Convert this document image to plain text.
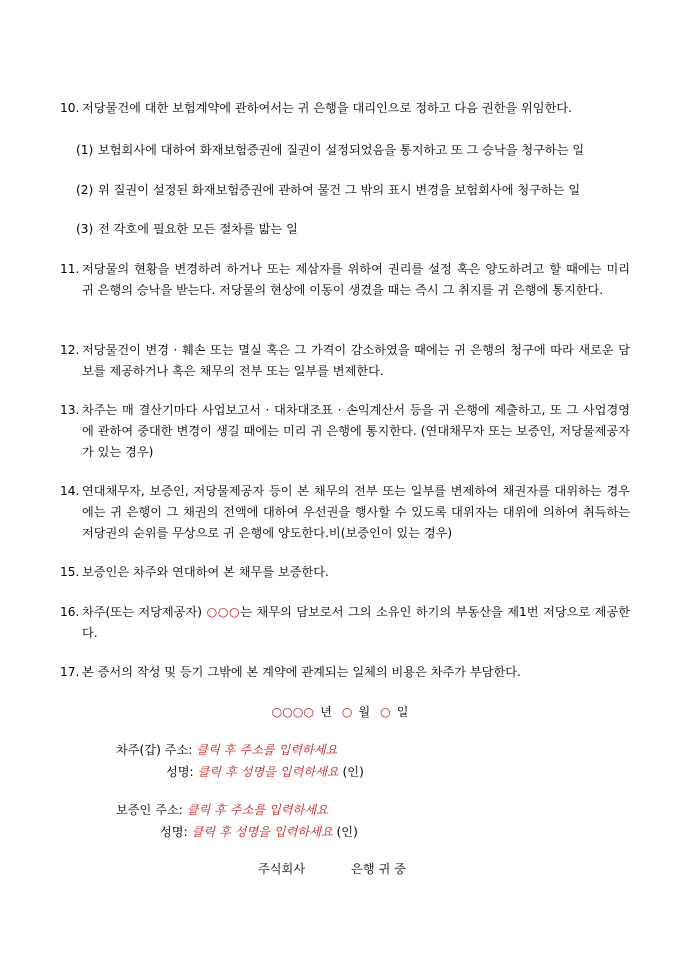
10. 저당물건에 대한 보험계약에 관하여서는 귀 은행을 대리인으로 정하고 다음 권한을 위임한다.
(1) 보험회사에 대하여 화재보험증권에 질권이 설정되었음을 통지하고 또 그 승낙을 청구하는 일
(2) 위 질권이 설정된 화재보험증권에 관하여 물건 그 밖의 표시 변경을 보험회사에 청구하는 일
(3) 전 각호에 필요한 모든 절차를 밟는 일
11. 저당물의 현황을 변경하려 하거나 또는 제삼자를 위하여 권리를 설정 혹은 양도하려고 할 때에는 미리 귀 은행의 승낙을 받는다. 저당물의 현상에 이동이 생겼을 때는 즉시 그 취지를 귀 은행에 통지한다.
12. 저당물건이 변경 · 훼손 또는 멸실 혹은 그 가격이 감소하였을 때에는 귀 은행의 청구에 따라 새로운 담보를 제공하거나 혹은 채무의 전부 또는 일부를 변제한다.
13. 차주는 매 결산기마다 사업보고서 · 대차대조표 · 손익계산서 등을 귀 은행에 제출하고, 또 그 사업경영에 관하여 중대한 변경이 생길 때에는 미리 귀 은행에 통지한다. (연대채무자 또는 보증인, 저당물제공자가 있는 경우)
14. 연대채무자, 보증인, 저당물제공자 등이 본 채무의 전부 또는 일부를 변제하여 채권자를 대위하는 경우에는 귀 은행이 그 채권의 전액에 대하여 우선권을 행사할 수 있도록 대위자는 대위에 의하여 취득하는 저당권의 순위를 무상으로 귀 은행에 양도한다.비(보증인이 있는 경우)
15. 보증인은 차주와 연대하여 본 채무를 보증한다.
16. 차주(또는 저당제공자) ○○○는 채무의 담보로서 그의 소유인 하기의 부동산을 제1번 저당으로 제공한다.
17. 본 증서의 작성 및 등기 그밖에 본 계약에 관계되는 일체의 비용은 차주가 부담한다.
○○○○ 년 ○ 월 ○ 일
차주(갑) 주소: 클릭 후 주소를 입력하세요
성명: 클릭 후 성명을 입력하세요 (인)
보증인 주소: 클릭 후 주소를 입력하세요
성명: 클릭 후 성명을 입력하세요 (인)
주식회사	은행 귀 중
